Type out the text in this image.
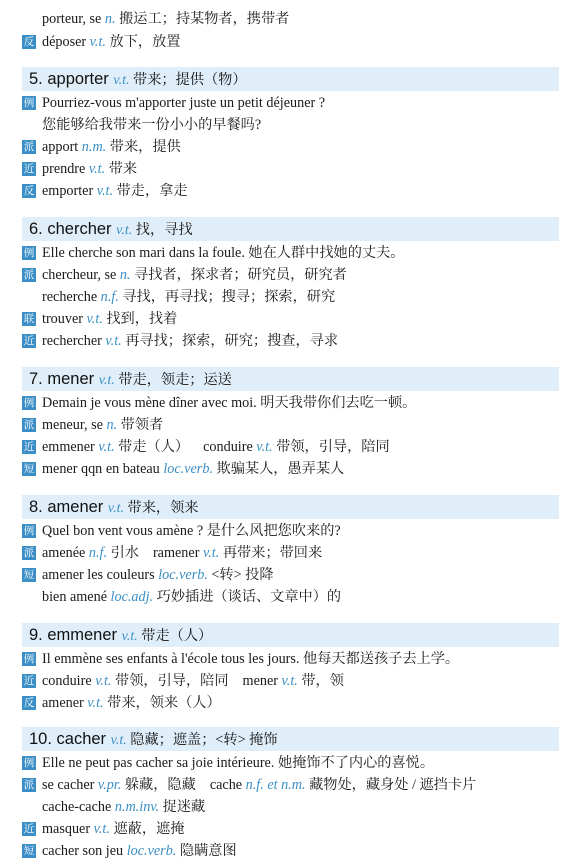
5. apporter v.t. 带来；提供（物）
6. chercher v.t. 找，寻找
7. mener v.t. 带走，领走；运送
8. amener v.t. 带来，领来
9. emmener v.t. 带走（人）
10. cacher v.t. 隐藏；遮盖；<转> 掩饰
porteur, se n. 搬运工；持某物者，携带者
反 déposer v.t. 放下，放置
例 Pourriez-vous m'apporter juste un petit déjeuner ?
您能够给我带来一份小小的早餐吗?
派 apport n.m. 带来，提供
近 prendre v.t. 带来
反 emporter v.t. 带走，拿走
例 Elle cherche son mari dans la foule. 她在人群中找她的丈夫。
派 chercheur, se n. 寻找者，探求者；研究员，研究者
recherche n.f. 寻找，再寻找；搜寻；探索，研究
联 trouver v.t. 找到，找着
近 rechercher v.t. 再寻找；探索，研究；搜查，寻求
例 Demain je vous mène dîner avec moi. 明天我带你们去吃一顿。
派 meneur, se n. 带领者
近 emmener v.t. 带走（人） conduire v.t. 带领，引导，陪同
短 mener qqn en bateau loc.verb. 欺骗某人，愚弄某人
例 Quel bon vent vous amène ? 是什么风把您吹来的?
派 amenée n.f. 引水 ramener v.t. 再带来；带回来
短 amener les couleurs loc.verb. <转> 投降
bien amené loc.adj. 巧妙插进（谈话、文章中）的
例 Il emmène ses enfants à l'école tous les jours. 他每天都送孩子去上学。
近 conduire v.t. 带领，引导，陪同 mener v.t. 带，领
反 amener v.t. 带来，领来（人）
例 Elle ne peut pas cacher sa joie intérieure. 她掩饰不了内心的喜悦。
派 se cacher v.pr. 躲藏，隐藏 cache n.f. et n.m. 藏物处，藏身处 / 遮挡卡片
cache-cache n.m.inv. 捉迷藏
近 masquer v.t. 遮蔽，遮掩
短 cacher son jeu loc.verb. 隐瞒意图
